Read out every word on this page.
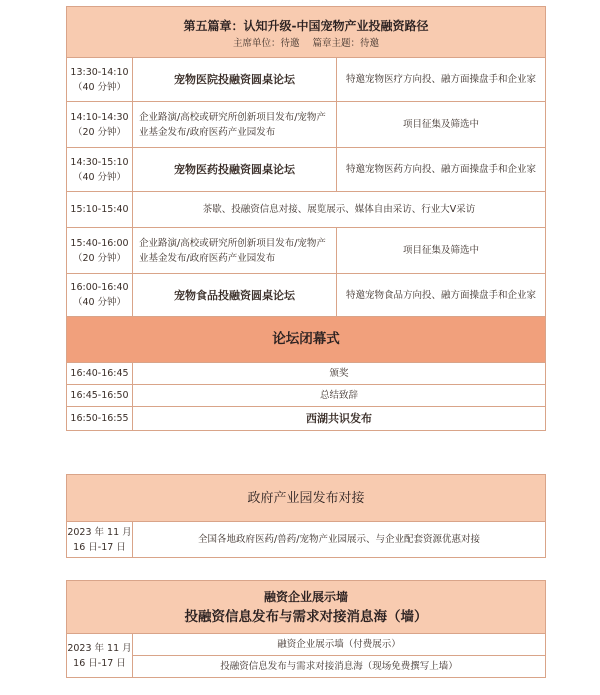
第五篇章：认知升级-中国宠物产业投融资路径
主席单位：待邀 篇章主题：待邀		

13:30-14:10
（40 分钟）	宠物医院投融资圆桌论坛	特邀宠物医疗方向投、融方面操盘手和企业家

14:10-14:30
（20 分钟）	企业路演/高校或研究所创新项目发布/宠物产业基金发布/政府医药产业园发布	项目征集及筛选中

14:30-15:10
（40 分钟）	宠物医药投融资圆桌论坛	特邀宠物医药方向投、融方面操盘手和企业家
15:10-15:40	茶歇、投融资信息对接、展览展示、媒体自由采访、行业大V采访	

15:40-16:00
（20 分钟）	企业路演/高校或研究所创新项目发布/宠物产业基金发布/政府医药产业园发布	项目征集及筛选中

16:00-16:40
（40 分钟）	宠物食品投融资圆桌论坛	特邀宠物食品方向投、融方面操盘手和企业家
论坛闭幕式		
16:40-16:45	颁奖	
16:45-16:50	总结致辞	
16:50-16:55	西湖共识发布	
政府产业园发布对接

2023 年 11 月
16 日-17 日
	全国各地政府医药/兽药/宠物产业园展示、与企业配套资源优惠对接
融资企业展示墙
投融资信息发布与需求对接消息海（墙）

2023 年 11 月
16 日-17 日
	融资企业展示墙（付费展示）
投融资信息发布与需求对接消息海（现场免费撰写上墙）
